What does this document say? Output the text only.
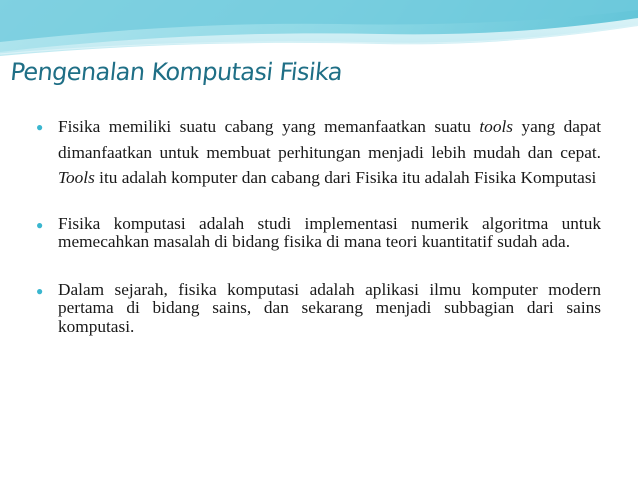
Pengenalan Komputasi Fisika
● Fisika memiliki suatu cabang yang memanfaatkan suatu tools yang dapat dimanfaatkan untuk membuat perhitungan menjadi lebih mudah dan cepat. Tools itu adalah komputer dan cabang dari Fisika itu adalah Fisika Komputasi
● Fisika komputasi adalah studi implementasi numerik algoritma untuk memecahkan masalah di bidang fisika di mana teori kuantitatif sudah ada.
● Dalam sejarah, fisika komputasi adalah aplikasi ilmu komputer modern pertama di bidang sains, dan sekarang menjadi subbagian dari sains komputasi.
